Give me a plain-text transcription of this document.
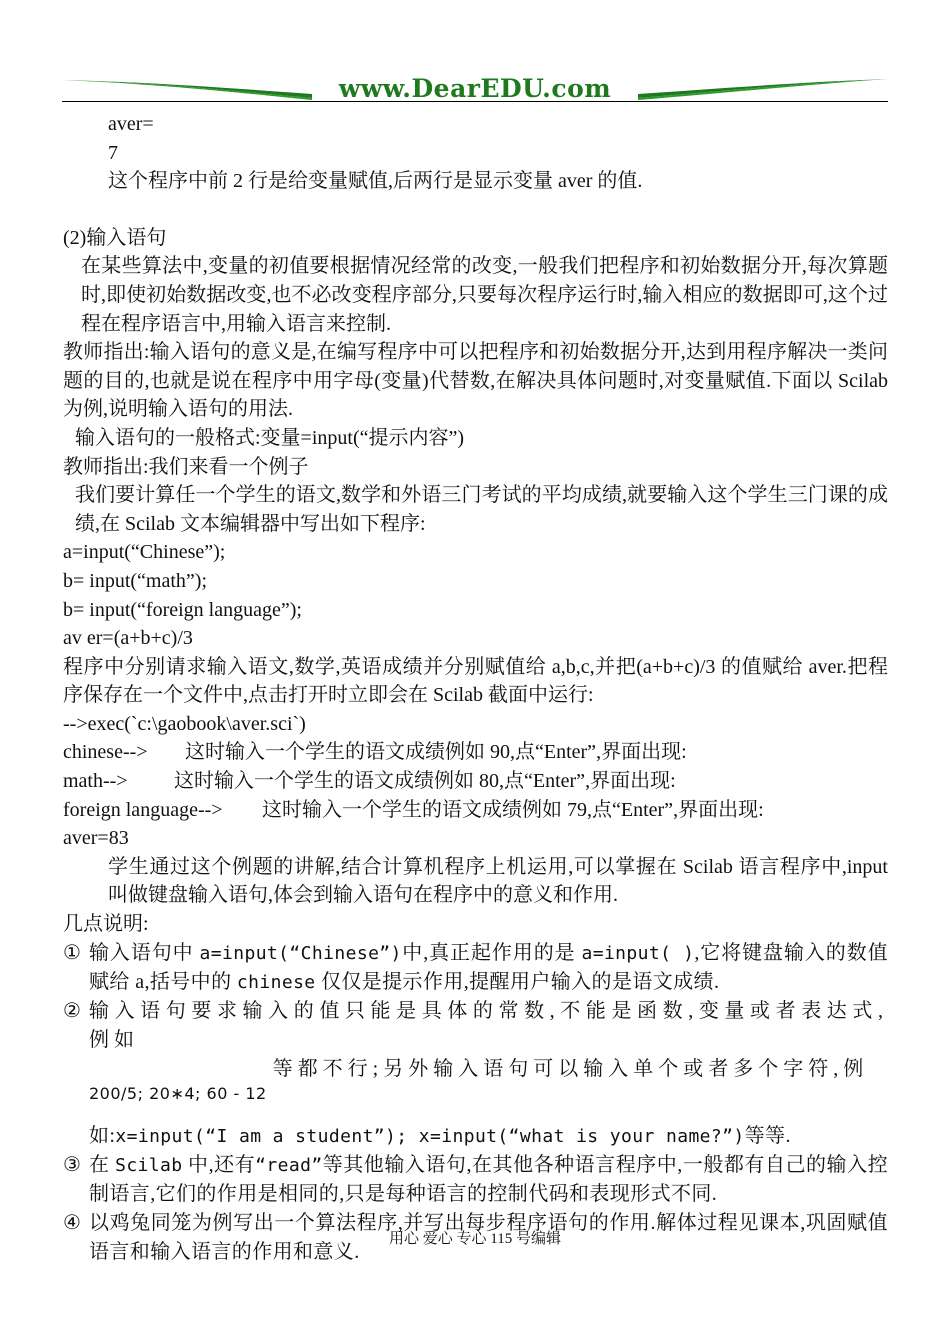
www.DearEDU.com

aver=

7

这个程序中前 2 行是给变量赋值,后两行是显示变量 aver 的值.

(2)输入语句

在某些算法中,变量的初值要根据情况经常的改变,一般我们把程序和初始数据分开,每次算题时,即使初始数据改变,也不必改变程序部分,只要每次程序运行时,输入相应的数据即可,这个过程在程序语言中,用输入语言来控制.

教师指出:输入语句的意义是,在编写程序中可以把程序和初始数据分开,达到用程序解决一类问题的目的,也就是说在程序中用字母(变量)代替数,在解决具体问题时,对变量赋值.下面以 Scilab 为例,说明输入语句的用法.

输入语句的一般格式:变量=input(“提示内容”)

教师指出:我们来看一个例子

我们要计算任一个学生的语文,数学和外语三门考试的平均成绩,就要输入这个学生三门课的成绩,在 Scilab 文本编辑器中写出如下程序:

a=input(“Chinese”);

b= input(“math”);

b= input(“foreign language”);

av er=(a+b+c)/3

程序中分别请求输入语文,数学,英语成绩并分别赋值给 a,b,c,并把(a+b+c)/3 的值赋给 aver.把程序保存在一个文件中,点击打开时立即会在 Scilab 截面中运行:

-->exec(`c:\gaobook\aver.sci`)

chinese-->	这时输入一个学生的语文成绩例如 90,点“Enter”,界面出现:

math-->	这时输入一个学生的语文成绩例如 80,点“Enter”,界面出现:

foreign language-->	这时输入一个学生的语文成绩例如 79,点“Enter”,界面出现:

aver=83

学生通过这个例题的讲解,结合计算机程序上机运用,可以掌握在 Scilab 语言程序中,input 叫做键盘输入语句,体会到输入语句在程序中的意义和作用.

几点说明:

① 输入语句中 a=input(“Chinese”)中,真正起作用的是 a=input( ),它将键盘输入的数值赋给 a,括号中的 chinese 仅仅是提示作用,提醒用户输入的是语文成绩.
② 输入语句要求输入的值只能是具体的常数,不能是函数,变量或者表达式,例如
200/5; 20∗4; 60 - 12
等都不行;另外输入语句可以输入单个或者多个字符,例
如:x=input(“I am a student”); x=input(“what is your name?”)等等.
③ 在 Scilab 中,还有“read”等其他输入语句,在其他各种语言程序中,一般都有自己的输入控制语言,它们的作用是相同的,只是每种语言的控制代码和表现形式不同.
④ 以鸡兔同笼为例写出一个算法程序,并写出每步程序语句的作用.解体过程见课本,巩固赋值语言和输入语言的作用和意义.
用心 爱心 专心 115 号编辑
